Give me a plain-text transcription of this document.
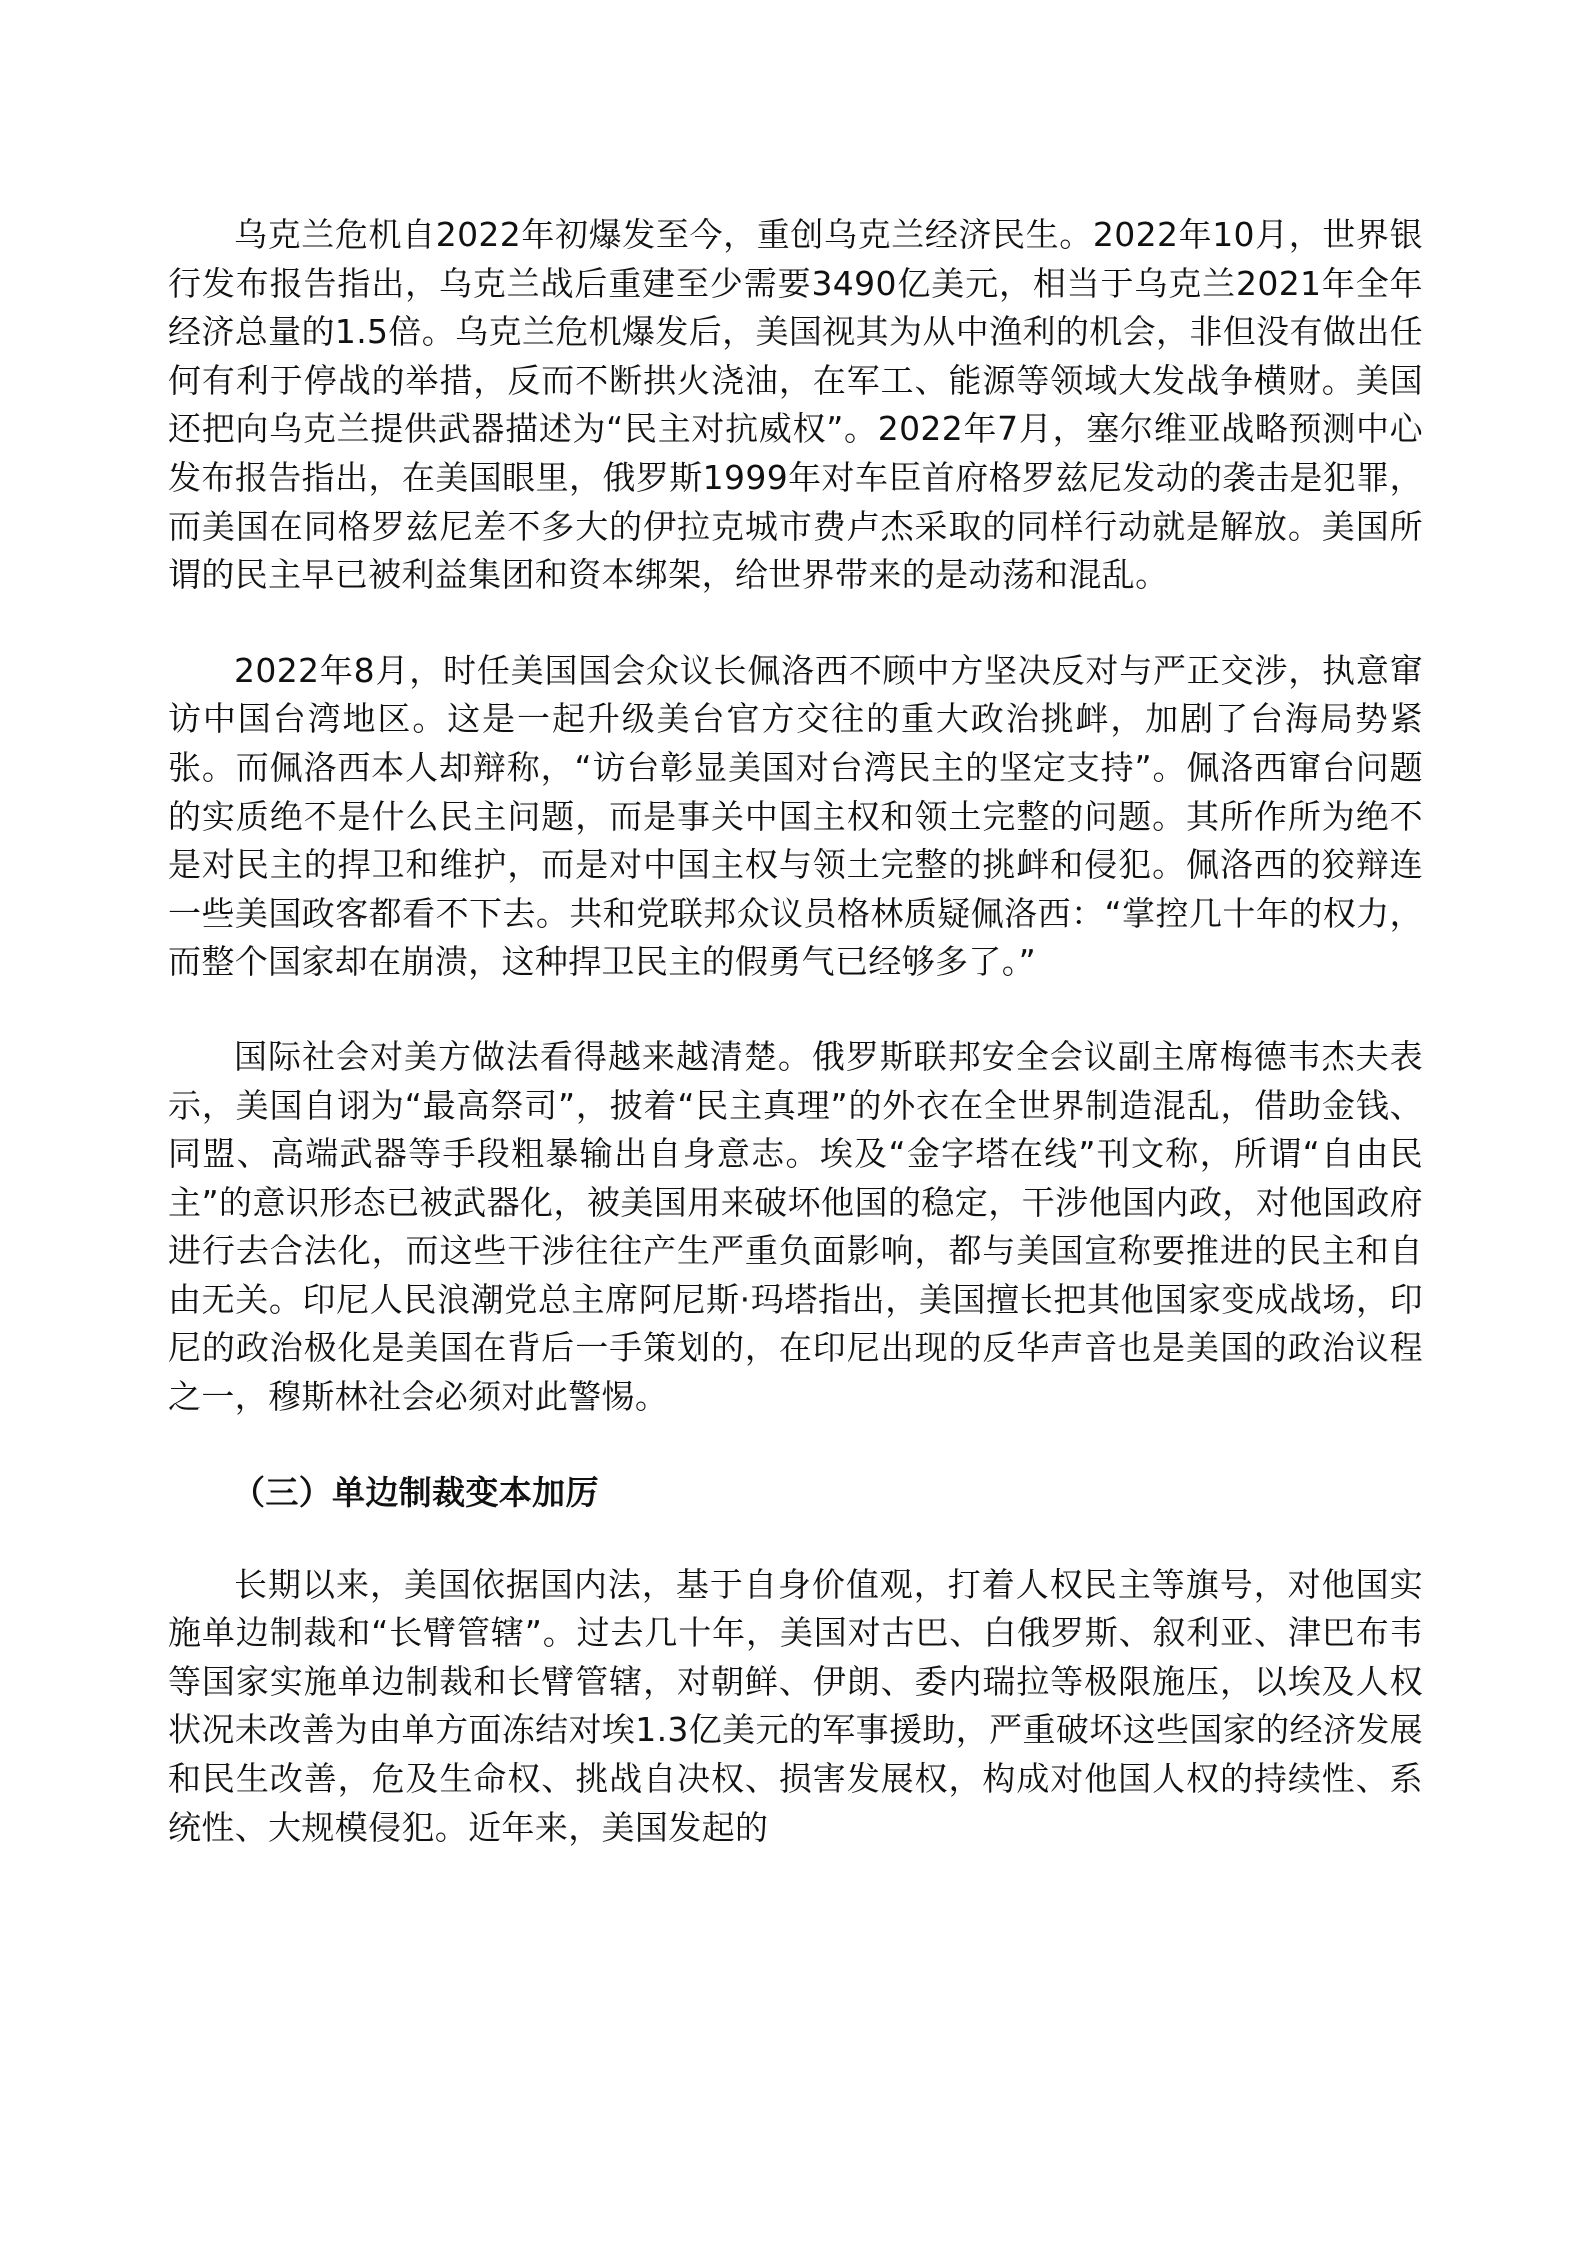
乌克兰危机自2022年初爆发至今，重创乌克兰经济民生。2022年10月，世界银行发布报告指出，乌克兰战后重建至少需要3490亿美元，相当于乌克兰2021年全年经济总量的1.5倍。乌克兰危机爆发后，美国视其为从中渔利的机会，非但没有做出任何有利于停战的举措，反而不断拱火浇油，在军工、能源等领域大发战争横财。美国还把向乌克兰提供武器描述为“民主对抗威权”。2022年7月，塞尔维亚战略预测中心发布报告指出，在美国眼里，俄罗斯1999年对车臣首府格罗兹尼发动的袭击是犯罪，而美国在同格罗兹尼差不多大的伊拉克城市费卢杰采取的同样行动就是解放。美国所谓的民主早已被利益集团和资本绑架，给世界带来的是动荡和混乱。

2022年8月，时任美国国会众议长佩洛西不顾中方坚决反对与严正交涉，执意窜访中国台湾地区。这是一起升级美台官方交往的重大政治挑衅，加剧了台海局势紧张。而佩洛西本人却辩称，“访台彰显美国对台湾民主的坚定支持”。佩洛西窜台问题的实质绝不是什么民主问题，而是事关中国主权和领土完整的问题。其所作所为绝不是对民主的捍卫和维护，而是对中国主权与领土完整的挑衅和侵犯。佩洛西的狡辩连一些美国政客都看不下去。共和党联邦众议员格林质疑佩洛西：“掌控几十年的权力，而整个国家却在崩溃，这种捍卫民主的假勇气已经够多了。”

国际社会对美方做法看得越来越清楚。俄罗斯联邦安全会议副主席梅德韦杰夫表示，美国自诩为“最高祭司”，披着“民主真理”的外衣在全世界制造混乱，借助金钱、同盟、高端武器等手段粗暴输出自身意志。埃及“金字塔在线”刊文称，所谓“自由民主”的意识形态已被武器化，被美国用来破坏他国的稳定，干涉他国内政，对他国政府进行去合法化，而这些干涉往往产生严重负面影响，都与美国宣称要推进的民主和自由无关。印尼人民浪潮党总主席阿尼斯·玛塔指出，美国擅长把其他国家变成战场，印尼的政治极化是美国在背后一手策划的，在印尼出现的反华声音也是美国的政治议程之一，穆斯林社会必须对此警惕。

（三）单边制裁变本加厉

长期以来，美国依据国内法，基于自身价值观，打着人权民主等旗号，对他国实施单边制裁和“长臂管辖”。过去几十年，美国对古巴、白俄罗斯、叙利亚、津巴布韦等国家实施单边制裁和长臂管辖，对朝鲜、伊朗、委内瑞拉等极限施压，以埃及人权状况未改善为由单方面冻结对埃1.3亿美元的军事援助，严重破坏这些国家的经济发展和民生改善，危及生命权、挑战自决权、损害发展权，构成对他国人权的持续性、系统性、大规模侵犯。近年来，美国发起的
